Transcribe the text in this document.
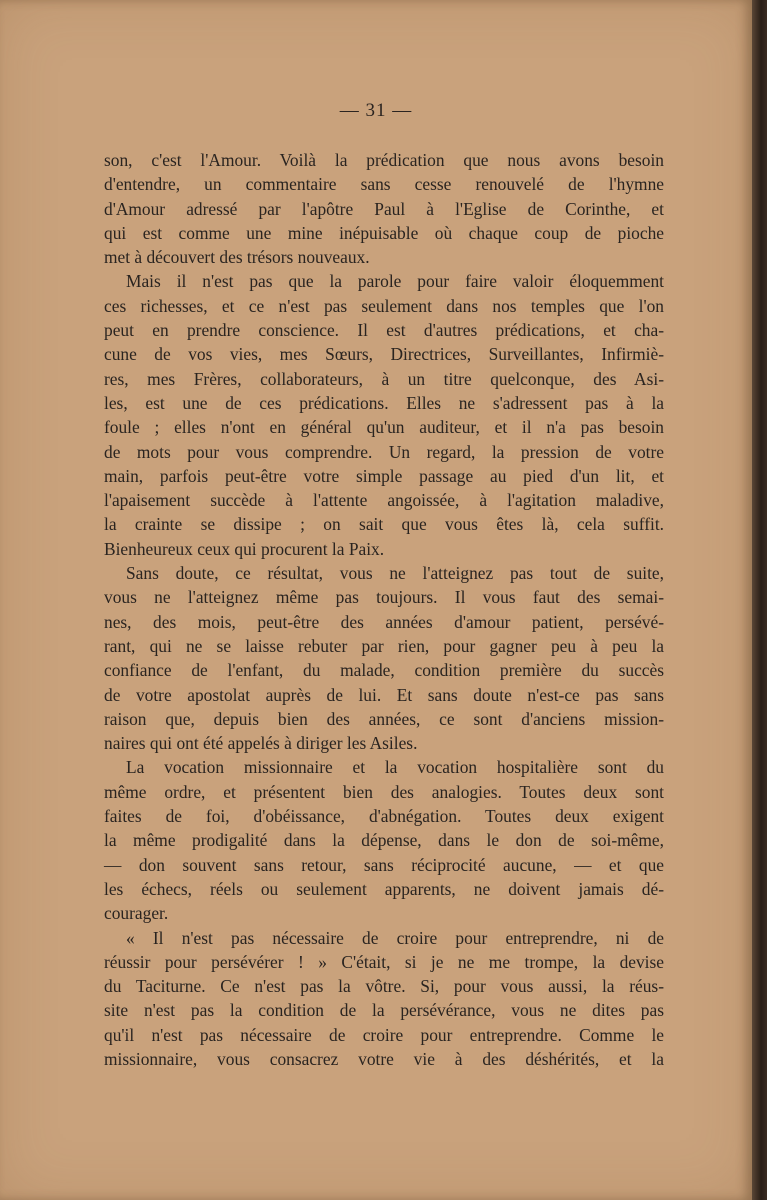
— 31 —
son, c'est l'Amour. Voilà la prédication que nous avons besoin
d'entendre, un commentaire sans cesse renouvelé de l'hymne
d'Amour adressé par l'apôtre Paul à l'Eglise de Corinthe, et
qui est comme une mine inépuisable où chaque coup de pioche
met à découvert des trésors nouveaux.
Mais il n'est pas que la parole pour faire valoir éloquemment
ces richesses, et ce n'est pas seulement dans nos temples que l'on
peut en prendre conscience. Il est d'autres prédications, et cha-
cune de vos vies, mes Sœurs, Directrices, Surveillantes, Infirmiè-
res, mes Frères, collaborateurs, à un titre quelconque, des Asi-
les, est une de ces prédications. Elles ne s'adressent pas à la
foule ; elles n'ont en général qu'un auditeur, et il n'a pas besoin
de mots pour vous comprendre. Un regard, la pression de votre
main, parfois peut-être votre simple passage au pied d'un lit, et
l'apaisement succède à l'attente angoissée, à l'agitation maladive,
la crainte se dissipe ; on sait que vous êtes là, cela suffit.
Bienheureux ceux qui procurent la Paix.
Sans doute, ce résultat, vous ne l'atteignez pas tout de suite,
vous ne l'atteignez même pas toujours. Il vous faut des semai-
nes, des mois, peut-être des années d'amour patient, persévé-
rant, qui ne se laisse rebuter par rien, pour gagner peu à peu la
confiance de l'enfant, du malade, condition première du succès
de votre apostolat auprès de lui. Et sans doute n'est-ce pas sans
raison que, depuis bien des années, ce sont d'anciens mission-
naires qui ont été appelés à diriger les Asiles.
La vocation missionnaire et la vocation hospitalière sont du
même ordre, et présentent bien des analogies. Toutes deux sont
faites de foi, d'obéissance, d'abnégation. Toutes deux exigent
la même prodigalité dans la dépense, dans le don de soi-même,
— don souvent sans retour, sans réciprocité aucune, — et que
les échecs, réels ou seulement apparents, ne doivent jamais dé-
courager.
« Il n'est pas nécessaire de croire pour entreprendre, ni de
réussir pour persévérer ! » C'était, si je ne me trompe, la devise
du Taciturne. Ce n'est pas la vôtre. Si, pour vous aussi, la réus-
site n'est pas la condition de la persévérance, vous ne dites pas
qu'il n'est pas nécessaire de croire pour entreprendre. Comme le
missionnaire, vous consacrez votre vie à des déshérités, et la
